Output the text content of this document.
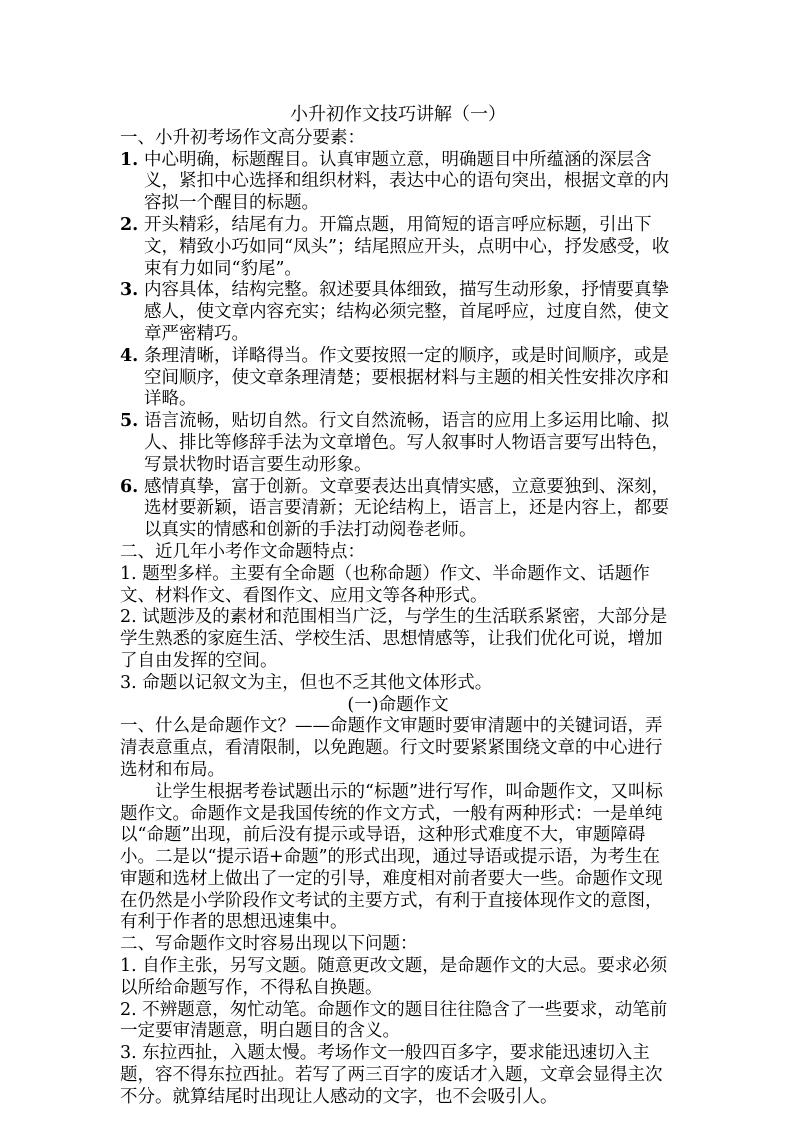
小升初作文技巧讲解（一）
一、小升初考场作文高分要素：
1. 中心明确，标题醒目。认真审题立意，明确题目中所蕴涵的深层含义，紧扣中心选择和组织材料，表达中心的语句突出，根据文章的内容拟一个醒目的标题。
2. 开头精彩，结尾有力。开篇点题，用简短的语言呼应标题，引出下文，精致小巧如同“凤头”；结尾照应开头，点明中心，抒发感受，收束有力如同“豹尾”。
3. 内容具体，结构完整。叙述要具体细致，描写生动形象，抒情要真挚感人，使文章内容充实；结构必须完整，首尾呼应，过度自然，使文章严密精巧。
4. 条理清晰，详略得当。作文要按照一定的顺序，或是时间顺序，或是空间顺序，使文章条理清楚；要根据材料与主题的相关性安排次序和详略。
5. 语言流畅，贴切自然。行文自然流畅，语言的应用上多运用比喻、拟人、排比等修辞手法为文章增色。写人叙事时人物语言要写出特色，写景状物时语言要生动形象。
6. 感情真挚，富于创新。文章要表达出真情实感，立意要独到、深刻，选材要新颖，语言要清新；无论结构上，语言上，还是内容上，都要以真实的情感和创新的手法打动阅卷老师。
二、近几年小考作文命题特点：
1. 题型多样。主要有全命题（也称命题）作文、半命题作文、话题作文、材料作文、看图作文、应用文等各种形式。
2. 试题涉及的素材和范围相当广泛，与学生的生活联系紧密，大部分是学生熟悉的家庭生活、学校生活、思想情感等，让我们优化可说，增加了自由发挥的空间。
3. 命题以记叙文为主，但也不乏其他文体形式。
(一)命题作文
一、什么是命题作文？——命题作文审题时要审清题中的关键词语，弄清表意重点，看清限制，以免跑题。行文时要紧紧围绕文章的中心进行选材和布局。
让学生根据考卷试题出示的“标题”进行写作，叫命题作文，又叫标题作文。命题作文是我国传统的作文方式，一般有两种形式：一是单纯以“命题”出现，前后没有提示或导语，这种形式难度不大，审题障碍小。二是以“提示语+命题”的形式出现，通过导语或提示语，为考生在审题和选材上做出了一定的引导，难度相对前者要大一些。命题作文现在仍然是小学阶段作文考试的主要方式，有利于直接体现作文的意图，有利于作者的思想迅速集中。
二、写命题作文时容易出现以下问题：
1. 自作主张，另写文题。随意更改文题，是命题作文的大忌。要求必须以所给命题写作，不得私自换题。
2. 不辨题意，匆忙动笔。命题作文的题目往往隐含了一些要求，动笔前一定要审清题意，明白题目的含义。
3. 东拉西扯，入题太慢。考场作文一般四百多字，要求能迅速切入主题，容不得东拉西扯。若写了两三百字的废话才入题，文章会显得主次不分。就算结尾时出现让人感动的文字，也不会吸引人。
